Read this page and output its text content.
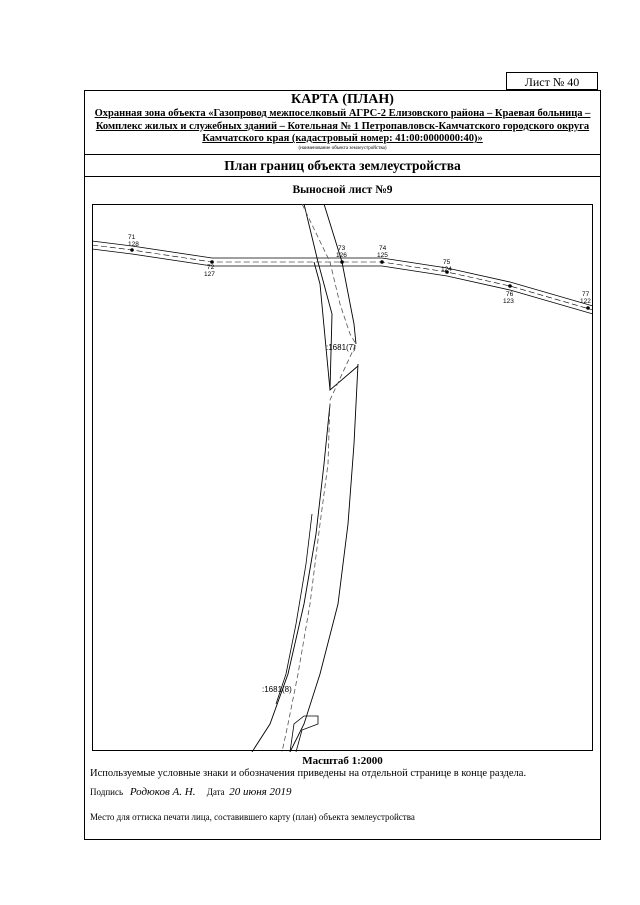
Лист № 40
КАРТА (ПЛАН)
Охранная зона объекта «Газопровод межпоселковый АГРС-2 Елизовского района – Краевая больница – Комплекс жилых и служебных зданий – Котельная № 1 Петропавловск-Камчатского городского округа Камчатского края (кадастровый номер: 41:00:0000000:40)»
(наименование объекта землеустройства)
План границ объекта землеустройства
Выносной лист №9
71
128
72
127
73
126
74
125
75
124
76
123
77
122
:1681(7)
:1681(8)
Масштаб 1:2000
Используемые условные знаки и обозначения приведены на отдельной странице в конце раздела.
Подпись Родюков А. Н. Дата 20 июня 2019
Место для оттиска печати лица, составившего карту (план) объекта землеустройства
